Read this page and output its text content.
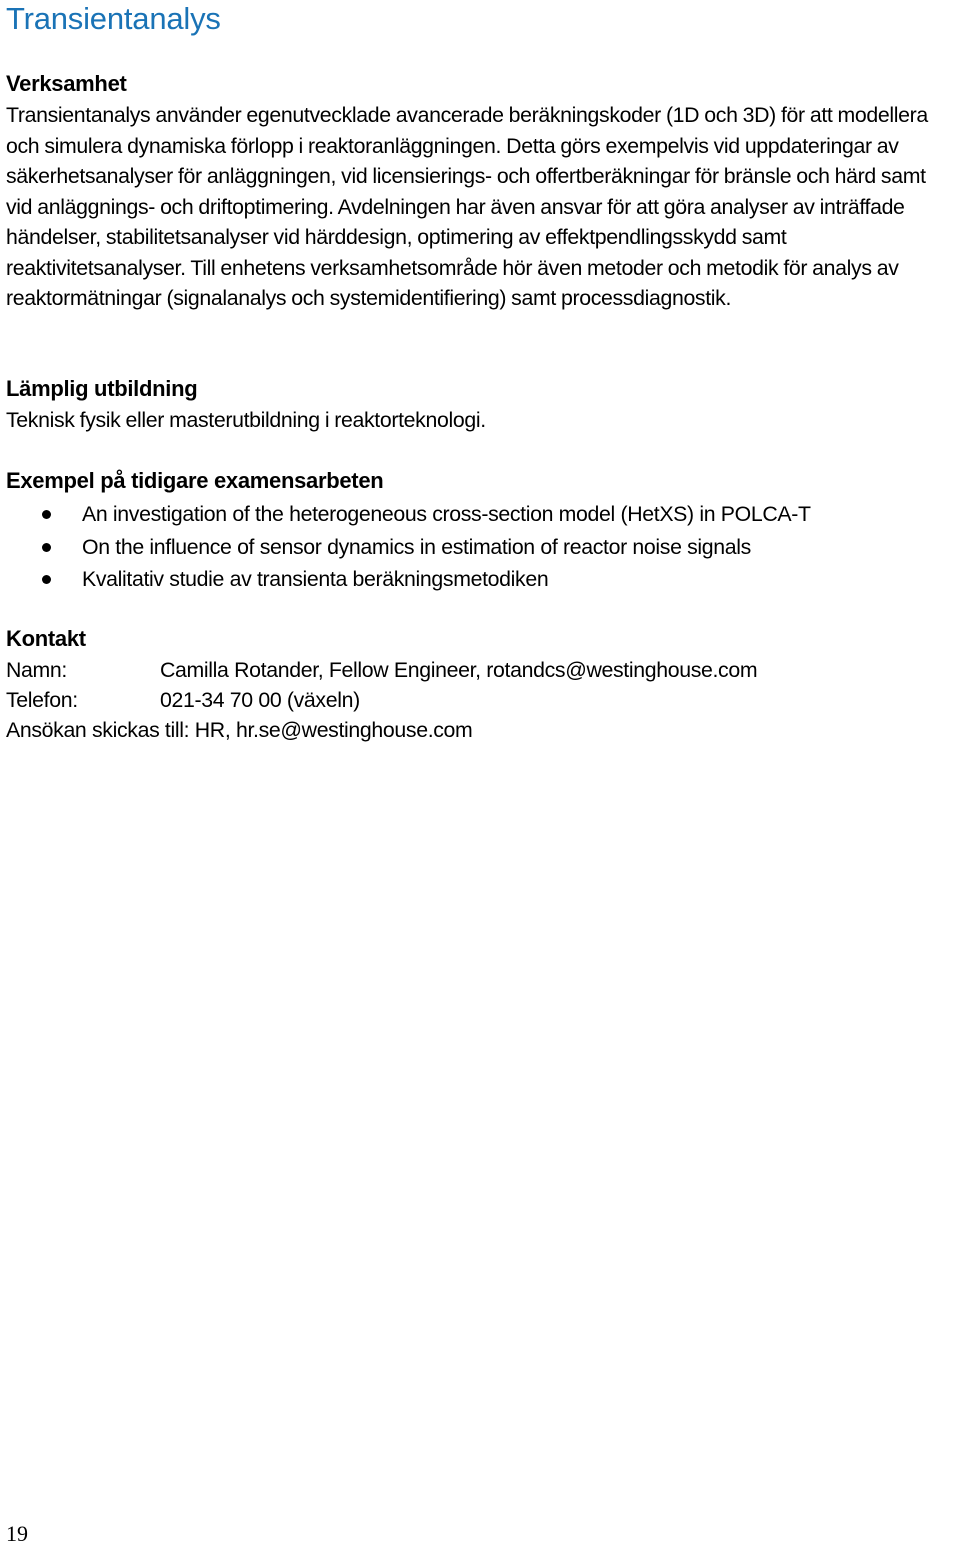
Transientanalys
Verksamhet

Transientanalys använder egenutvecklade avancerade beräkningskoder (1D och 3D) för att modellera och simulera dynamiska förlopp i reaktoranläggningen. Detta görs exempelvis vid uppdateringar av säkerhetsanalyser för anläggningen, vid licensierings- och offertberäkningar för bränsle och härd samt vid anläggnings- och driftoptimering. Avdelningen har även ansvar för att göra analyser av inträffade händelser, stabilitetsanalyser vid härddesign, optimering av effektpendlingsskydd samt reaktivitetsanalyser. Till enhetens verksamhetsområde hör även metoder och metodik för analys av reaktormätningar (signalanalys och systemidentifiering) samt processdiagnostik.

Lämplig utbildning

Teknisk fysik eller masterutbildning i reaktorteknologi.

Exempel på tidigare examensarbeten
An investigation of the heterogeneous cross-section model (HetXS) in POLCA-T
On the influence of sensor dynamics in estimation of reactor noise signals
Kvalitativ studie av transienta beräkningsmetodiken
Kontakt
Namn:	Camilla Rotander, Fellow Engineer, rotandcs@westinghouse.com
Telefon:	021-34 70 00 (växeln)
Ansökan skickas till: HR, hr.se@westinghouse.com
19
